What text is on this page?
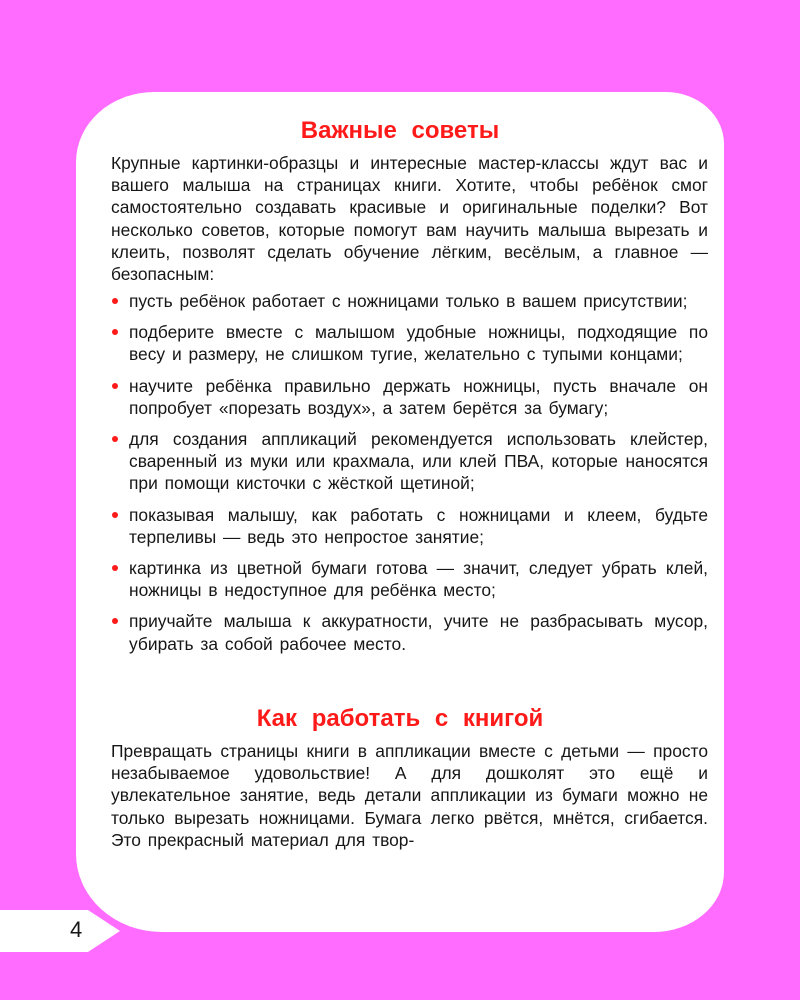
Важные советы

Крупные картинки-образцы и интересные мастер-классы ждут вас и вашего малыша на страницах книги. Хотите, чтобы ребёнок смог самостоятельно создавать красивые и оригинальные поделки? Вот несколько советов, которые помогут вам научить малыша вырезать и клеить, позволят сделать обучение лёгким, весёлым, а главное — безопасным:

пусть ребёнок работает с ножницами только в вашем присутствии;
подберите вместе с малышом удобные ножницы, подходящие по весу и размеру, не слишком тугие, желательно с тупыми концами;
научите ребёнка правильно держать ножницы, пусть вначале он попробует «порезать воздух», а затем берётся за бумагу;
для создания аппликаций рекомендуется использовать клейстер, сваренный из муки или крахмала, или клей ПВА, которые наносятся при помощи кисточки с жёсткой щетиной;
показывая малышу, как работать с ножницами и клеем, будьте терпеливы — ведь это непростое занятие;
картинка из цветной бумаги готова — значит, следует убрать клей, ножницы в недоступное для ребёнка место;
приучайте малыша к аккуратности, учите не разбрасывать мусор, убирать за собой рабочее место.
Как работать с книгой

Превращать страницы книги в аппликации вместе с детьми — просто незабываемое удовольствие! А для дошколят это ещё и увлекательное занятие, ведь детали аппликации из бумаги можно не только вырезать ножницами. Бумага легко рвётся, мнётся, сгибается. Это прекрасный материал для твор-

4
